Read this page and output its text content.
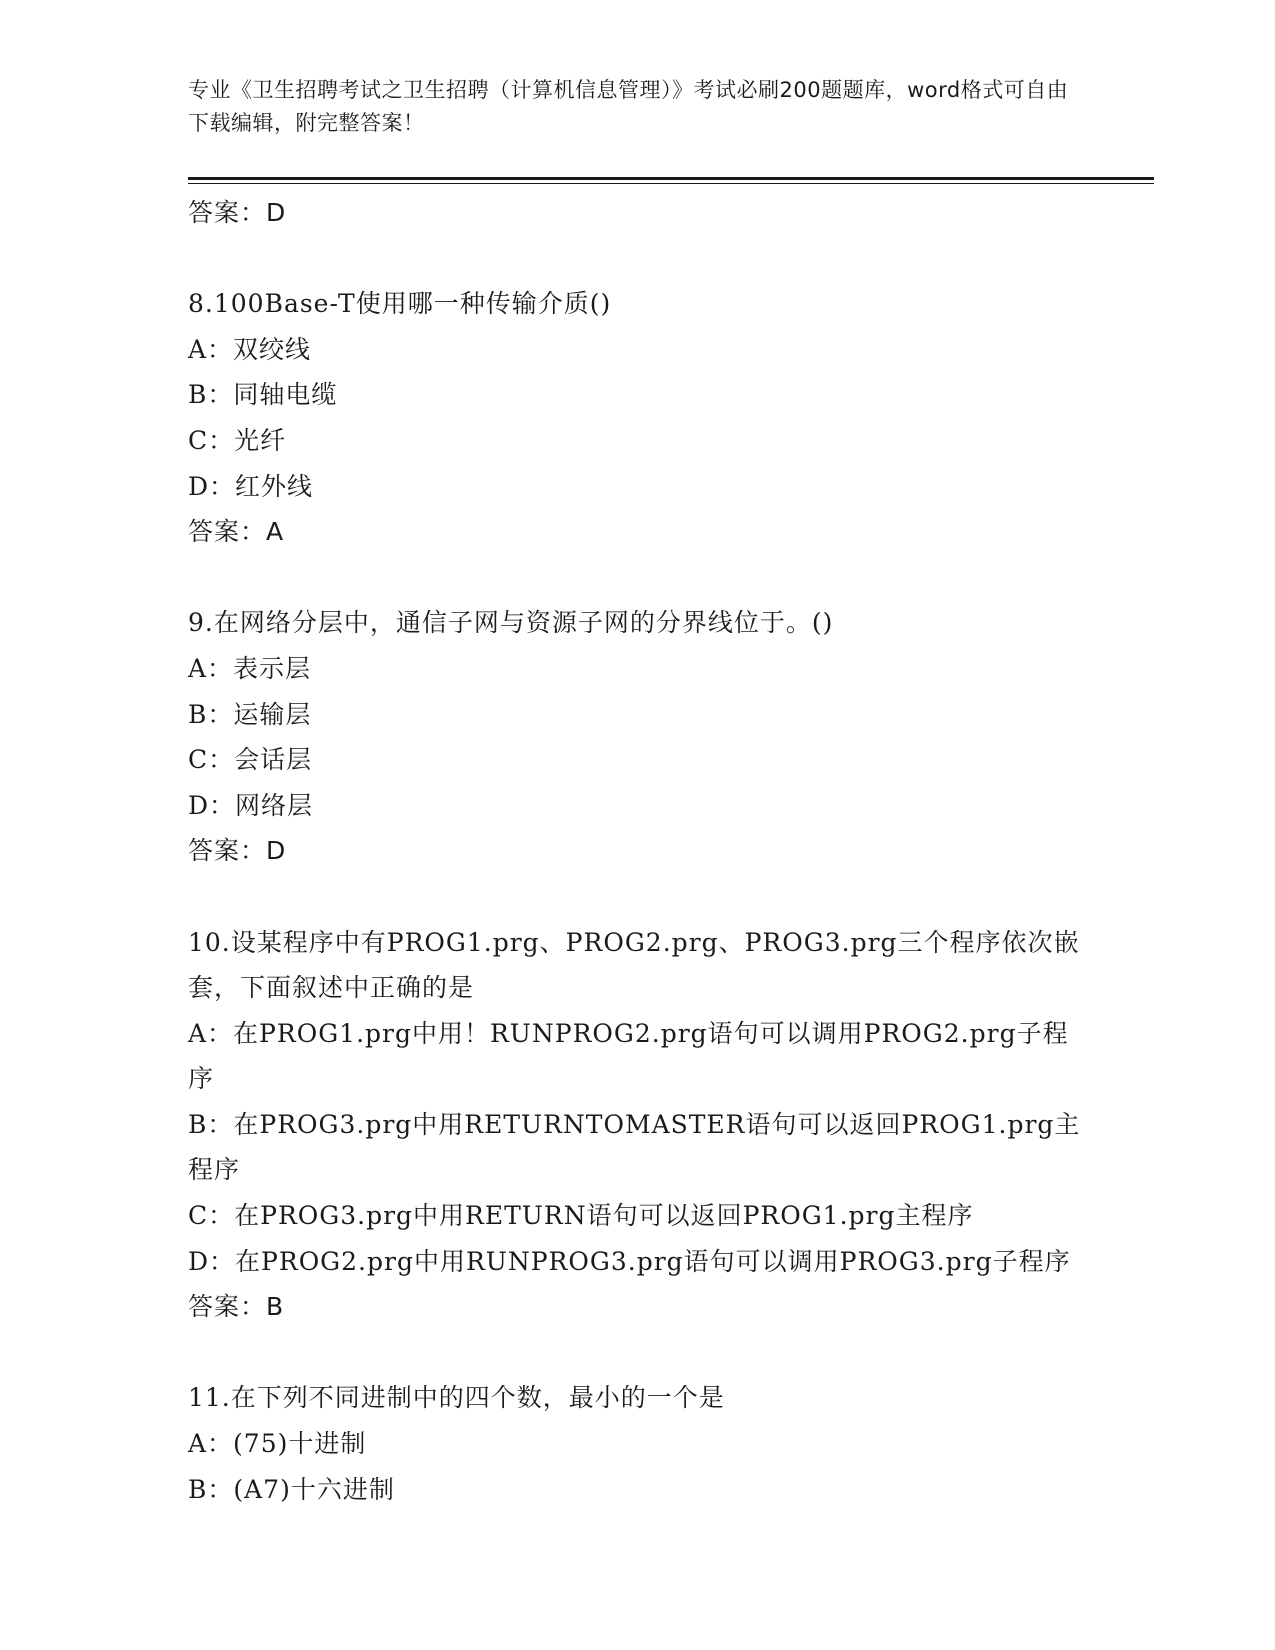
专业《卫生招聘考试之卫生招聘（计算机信息管理）》考试必刷200题题库，word格式可自由下载编辑，附完整答案！
答案：D
8.100Base-T使用哪一种传输介质()
A：双绞线
B：同轴电缆
C：光纤
D：红外线
答案：A
9.在网络分层中，通信子网与资源子网的分界线位于。()
A：表示层
B：运输层
C：会话层
D：网络层
答案：D
10.设某程序中有PROG1.prg、PROG2.prg、PROG3.prg三个程序依次嵌套，下面叙述中正确的是
A：在PROG1.prg中用！RUNPROG2.prg语句可以调用PROG2.prg子程序
B：在PROG3.prg中用RETURNTOMASTER语句可以返回PROG1.prg主程序
C：在PROG3.prg中用RETURN语句可以返回PROG1.prg主程序
D：在PROG2.prg中用RUNPROG3.prg语句可以调用PROG3.prg子程序
答案：B
11.在下列不同进制中的四个数，最小的一个是
A：(75)十进制
B：(A7)十六进制
